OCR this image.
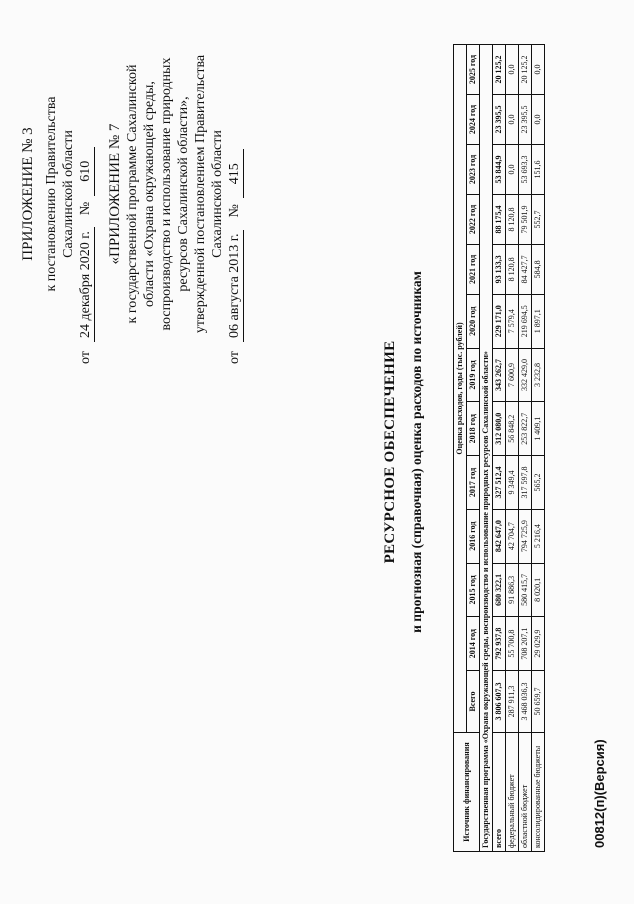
ПРИЛОЖЕНИЕ № 3 к постановлению Правительства Сахалинской области
от
24 декабря 2020 г.
№
610 «ПРИЛОЖЕНИЕ № 7 к государственной программе Сахалинской области «Охрана окружающей среды, воспроизводство и использование природных ресурсов Сахалинской области», утвержденной постановлением Правительства Сахалинской области
от
06 августа 2013 г.
№
415
РЕСУРСНОЕ ОБЕСПЕЧЕНИЕ и прогнозная (справочная) оценка расходов по источникам
Источник финансирования	Оценка расходов, годы (тыс. рублей)												
	Всего	2014 год	2015 год	2016 год	2017 год	2018 год	2019 год	2020 год	2021 год	2022 год	2023 год	2024 год	2025 год
Государственная программа «Охрана окружающей среды, воспроизводство и использование природных ресурсов Сахалинской области»													
всего	3 806 607,3	792 937,8	680 322,1	842 647,0	327 512,4	312 080,0	343 262,7	229 171,0	93 133,3	88 175,4	53 844,9	23 395,5	20 125,2
федеральный бюджет	287 911,3	55 700,8	91 886,3	42 704,7	9 349,4	56 848,2	7 600,9	7 579,4	8 120,8	8 120,8	0,0	0,0	0,0
областной бюджет	3 468 036,3	708 207,1	580 415,7	794 725,9	317 597,8	253 822,7	332 429,0	219 694,5	84 427,7	79 501,9	53 693,3	23 395,5	20 125,2
консолидированные бюджеты	50 659,7	29 029,9	8 020,1	5 216,4	565,2	1 409,1	3 232,8	1 897,1	584,8	552,7	151,6	0,0	0,0
00812(п)(Версия)
